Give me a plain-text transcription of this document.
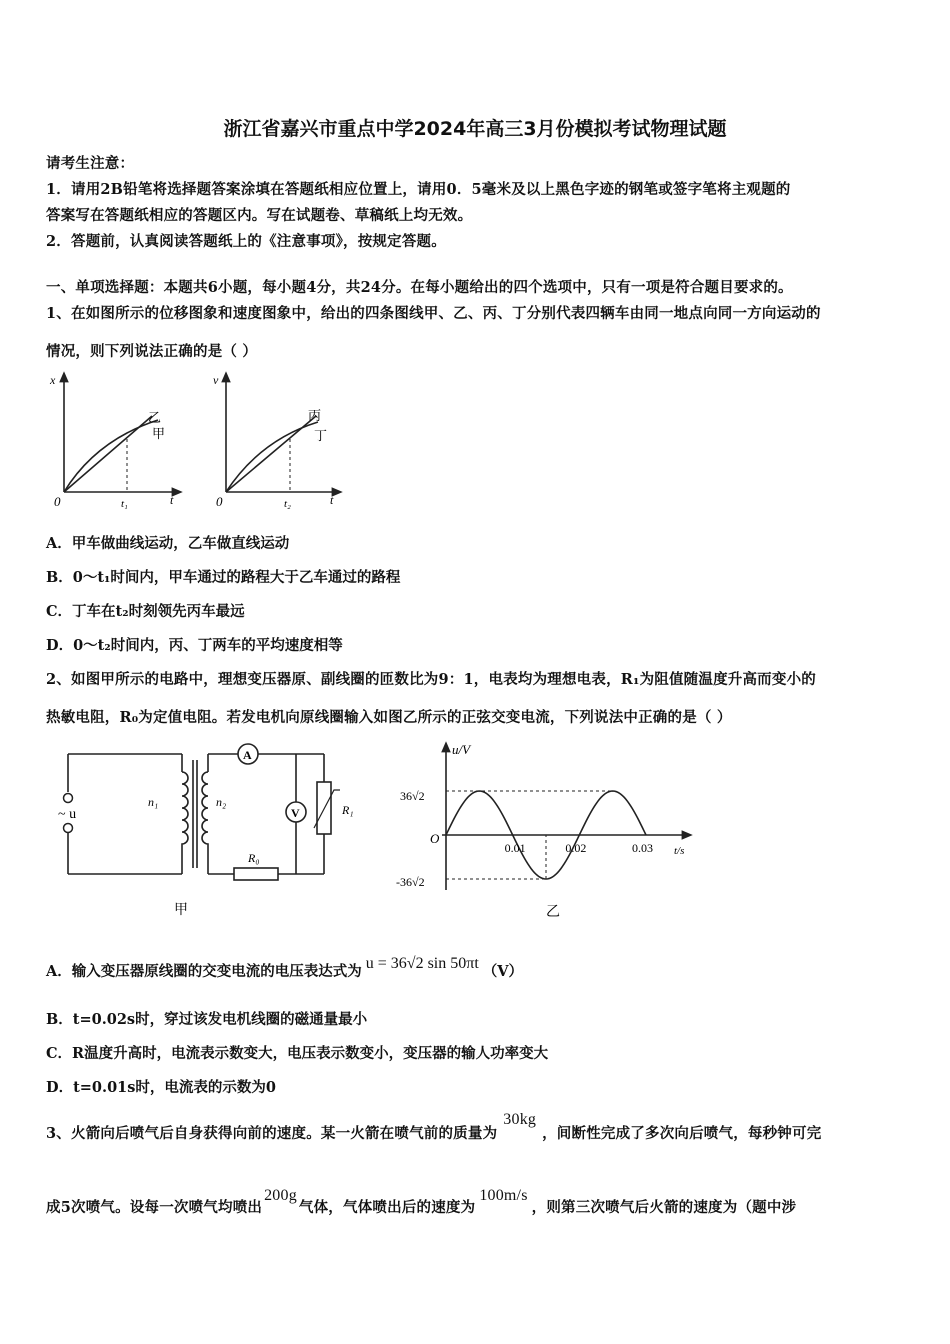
浙江省嘉兴市重点中学2024年高三3月份模拟考试物理试题
请考生注意：
1．请用2B铅笔将选择题答案涂填在答题纸相应位置上，请用0．5毫米及以上黑色字迹的钢笔或签字笔将主观题的
答案写在答题纸相应的答题区内。写在试题卷、草稿纸上均无效。
2．答题前，认真阅读答题纸上的《注意事项》，按规定答题。
一、单项选择题：本题共6小题，每小题4分，共24分。在每小题给出的四个选项中，只有一项是符合题目要求的。
1、在如图所示的位移图象和速度图象中，给出的四条图线甲、乙、丙、丁分别代表四辆车由同一地点向同一方向运动的
情况，则下列说法正确的是（ ）
x
t
0	t₁
乙
甲
v
t
0	t₂
丙
丁
A．甲车做曲线运动，乙车做直线运动
B．0～t₁时间内，甲车通过的路程大于乙车通过的路程
C．丁车在t₂时刻领先丙车最远
D．0～t₂时间内，丙、丁两车的平均速度相等
2、如图甲所示的电路中，理想变压器原、副线圈的匝数比为9：1，电表均为理想电表，R₁为阻值随温度升高而变小的
热敏电阻，R₀为定值电阻。若发电机向原线圈输入如图乙所示的正弦交变电流，下列说法中正确的是（ ）
~ u
n₁	n₂
A
V	R₁
R₀
甲
u/V
t/s
O
36√2
-36√2
0.01	0.02	0.03
乙
A．输入变压器原线圈的交变电流的电压表达式为 u = 36√2 sin 50πt （V）
B．t=0.02s时，穿过该发电机线圈的磁通量最小
C．R温度升高时，电流表示数变大，电压表示数变小，变压器的输人功率变大
D．t=0.01s时，电流表的示数为0
3、火箭向后喷气后自身获得向前的速度。某一火箭在喷气前的质量为30kg，间断性完成了多次向后喷气，每秒钟可完
成5次喷气。设每一次喷气均喷出200g气体，气体喷出后的速度为100m/s，则第三次喷气后火箭的速度为（题中涉
